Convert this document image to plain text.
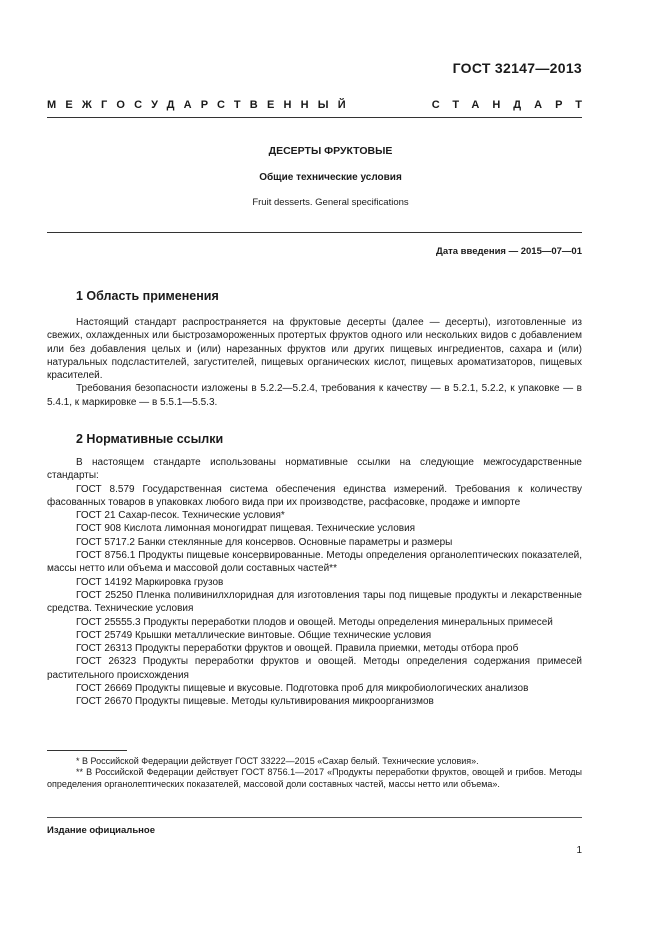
ГОСТ 32147—2013
МЕЖГОСУДАРСТВЕННЫЙ	СТАНДАРТ
ДЕСЕРТЫ ФРУКТОВЫЕ
Общие технические условия
Fruit desserts. General specifications
Дата введения — 2015—07—01
1 Область применения

Настоящий стандарт распространяется на фруктовые десерты (далее — десерты), изготовленные из свежих, охлажденных или быстрозамороженных протертых фруктов одного или нескольких видов с добавлением или без добавления целых и (или) нарезанных фруктов или других пищевых ингредиентов, сахара и (или) натуральных подсластителей, загустителей, пищевых органических кислот, пищевых ароматизаторов, пищевых красителей.

Требования безопасности изложены в 5.2.2—5.2.4, требования к качеству — в 5.2.1, 5.2.2, к упаковке — в 5.4.1, к маркировке — в 5.5.1—5.5.3.

2 Нормативные ссылки

В настоящем стандарте использованы нормативные ссылки на следующие межгосударственные стандарты:

ГОСТ 8.579 Государственная система обеспечения единства измерений. Требования к количеству фасованных товаров в упаковках любого вида при их производстве, расфасовке, продаже и импорте

ГОСТ 21 Сахар-песок. Технические условия*

ГОСТ 908 Кислота лимонная моногидрат пищевая. Технические условия

ГОСТ 5717.2 Банки стеклянные для консервов. Основные параметры и размеры

ГОСТ 8756.1 Продукты пищевые консервированные. Методы определения органолептических показателей, массы нетто или объема и массовой доли составных частей**

ГОСТ 14192 Маркировка грузов

ГОСТ 25250 Пленка поливинилхлоридная для изготовления тары под пищевые продукты и лекарственные средства. Технические условия

ГОСТ 25555.3 Продукты переработки плодов и овощей. Методы определения минеральных примесей

ГОСТ 25749 Крышки металлические винтовые. Общие технические условия

ГОСТ 26313 Продукты переработки фруктов и овощей. Правила приемки, методы отбора проб

ГОСТ 26323 Продукты переработки фруктов и овощей. Методы определения содержания примесей растительного происхождения

ГОСТ 26669 Продукты пищевые и вкусовые. Подготовка проб для микробиологических анализов

ГОСТ 26670 Продукты пищевые. Методы культивирования микроорганизмов

* В Российской Федерации действует ГОСТ 33222—2015 «Сахар белый. Технические условия».

** В Российской Федерации действует ГОСТ 8756.1—2017 «Продукты переработки фруктов, овощей и грибов. Методы определения органолептических показателей, массовой доли составных частей, массы нетто или объема».

Издание официальное
1
